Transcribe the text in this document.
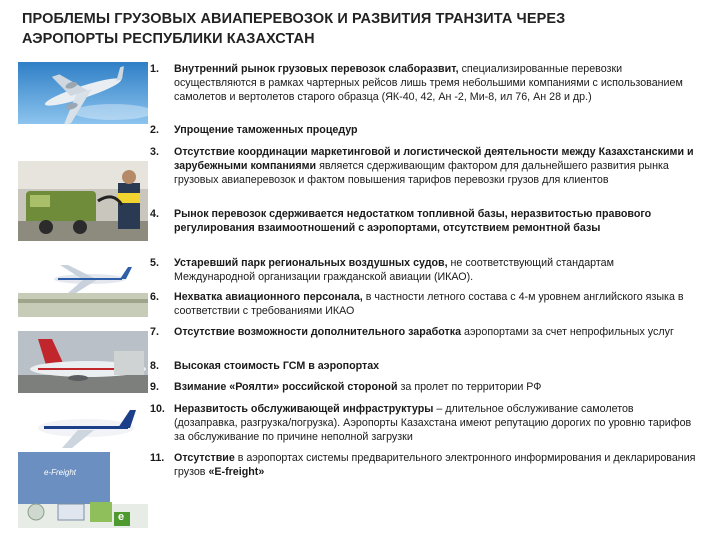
ПРОБЛЕМЫ ГРУЗОВЫХ АВИАПЕРЕВОЗОК И РАЗВИТИЯ ТРАНЗИТА ЧЕРЕЗ
АЭРОПОРТЫ РЕСПУБЛИКИ КАЗАХСТАН
e-Freight
e
1.	Внутренний рынок грузовых перевозок слаборазвит, специализированные перевозки осуществляются в рамках чартерных рейсов лишь тремя небольшими компаниями с использованием самолетов и вертолетов старого образца (ЯК-40, 42, Ан -2, Ми-8, ил 76, Ан 28 и др.)
2.	Упрощение таможенных процедур
3.	Отсутствие координации маркетинговой и логистической деятельности между Казахстанскими и зарубежными компаниями является сдерживающим фактором для дальнейшего развития рынка грузовых авиаперевозок и фактом повышения тарифов перевозки грузов для клиентов
4.	Рынок перевозок сдерживается недостатком топливной базы, неразвитостью правового регулирования взаимоотношений с аэропортами, отсутствием ремонтной базы
5.	Устаревший парк региональных воздушных судов, не соответствующий стандартам Международной организации гражданской авиации (ИКАО).
6.	Нехватка авиационного персонала, в частности летного состава с 4-м уровнем английского языка в соответствии с требованиями ИКАО
7.	Отсутствие возможности дополнительного заработка аэропортами за счет непрофильных услуг
8.	Высокая стоимость ГСМ в аэропортах
9.	Взимание «Роялти» российской стороной за пролет по территории РФ
10. Неразвитость обслуживающей инфраструктуры – длительное обслуживание самолетов (дозаправка, разгрузка/погрузка). Аэропорты Казахстана имеют репутацию дорогих по уровню тарифов за обслуживание по причине неполной загрузки
11. Отсутствие в аэропортах системы предварительного электронного информирования и декларирования грузов «E-freight»
